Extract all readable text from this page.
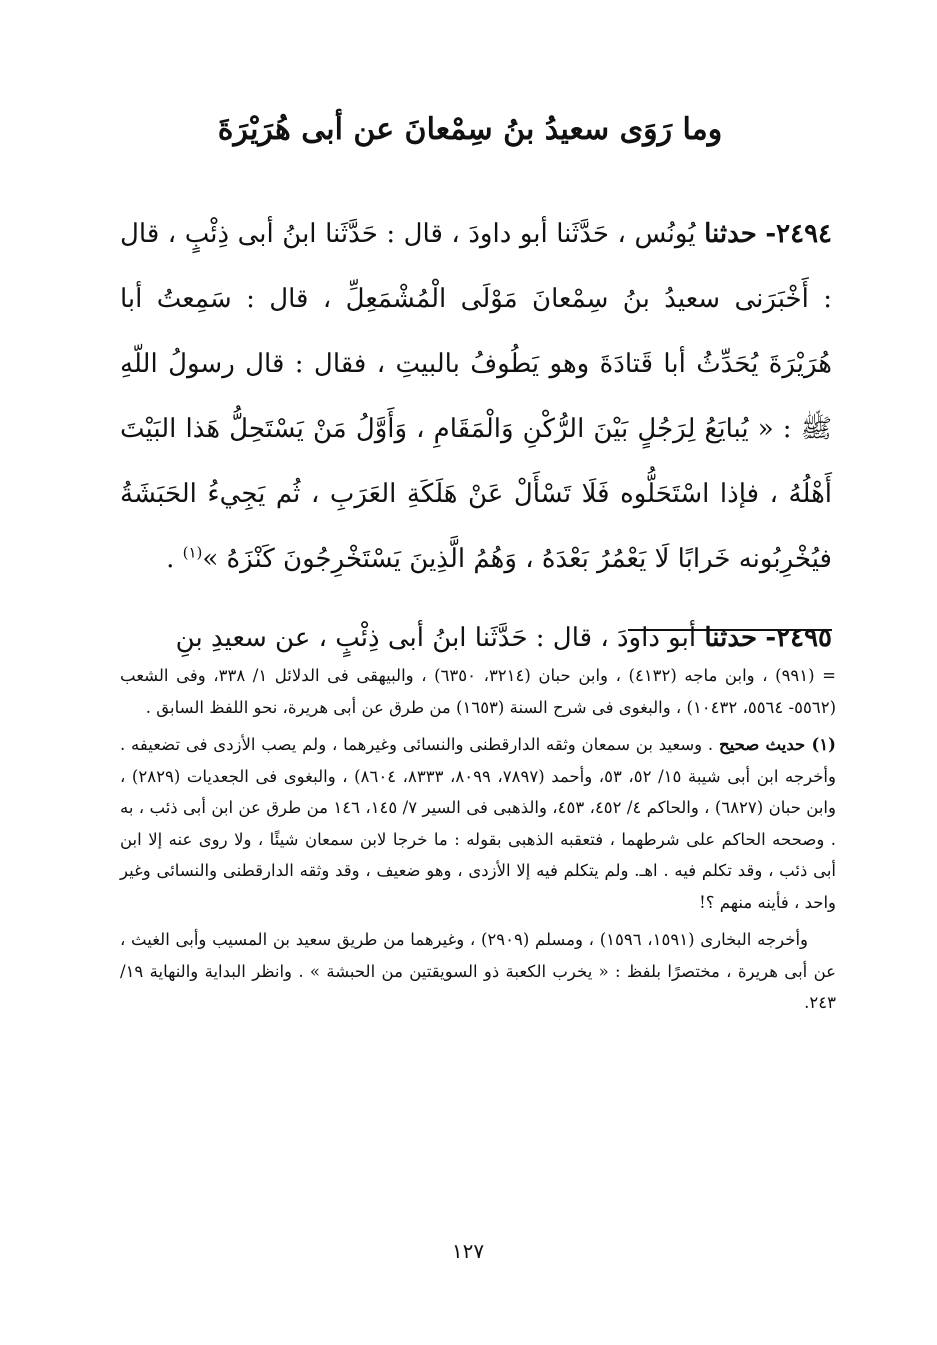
وما رَوَى سعيدُ بنُ سِمْعانَ عن أبى هُرَيْرَةَ

٢٤٩٤- حدثنا يُونُس ، حَدَّثَنا أبو داودَ ، قال : حَدَّثَنا ابنُ أبى ذِئْبٍ ، قال : أَخْبَرَنى سعيدُ بنُ سِمْعانَ مَوْلَى الْمُشْمَعِلِّ ، قال : سَمِعتُ أبا هُرَيْرَةَ يُحَدِّثُ أبا قَتادَةَ وهو يَطُوفُ بالبيتِ ، فقال : قال رسولُ اللّهِ ﷺ : « يُبايَعُ لِرَجُلٍ بَيْنَ الرُّكْنِ وَالْمَقَامِ ، وَأَوَّلُ مَنْ يَسْتَحِلُّ هَذا البَيْتَ أَهْلُهُ ، فإذا اسْتَحَلُّوه فَلَا تَسْأَلْ عَنْ هَلَكَةِ العَرَبِ ، ثُم يَجِيءُ الحَبَشَةُ فيُخْرِبُونه خَرابًا لَا يَعْمُرُ بَعْدَهُ ، وَهُمُ الَّذِينَ يَسْتَخْرِجُونَ كَنْزَهُ »$^{(١)}$ .

٢٤٩٥- حدثنا أبو داودَ ، قال : حَدَّثَنا ابنُ أبى ذِئْبٍ ، عن سعيدِ بنِ

= (٩٩١) ، وابن ماجه (٤١٣٢) ، وابن حبان (٣٢١٤، ٦٣٥٠) ، والبيهقى فى الدلائل ١/ ٣٣٨، وفى الشعب (٥٥٦٢- ٥٥٦٤، ١٠٤٣٢) ، والبغوى فى شرح السنة (١٦٥٣) من طرق عن أبى هريرة، نحو اللفظ السابق .

(١) حديث صحيح . وسعيد بن سمعان وثقه الدارقطنى والنسائى وغيرهما ، ولم يصب الأزدى فى تضعيفه . وأخرجه ابن أبى شيبة ١٥/ ٥٢، ٥٣، وأحمد (٧٨٩٧، ٨٠٩٩، ٨٣٣٣، ٨٦٠٤) ، والبغوى فى الجعديات (٢٨٢٩) ، وابن حبان (٦٨٢٧) ، والحاكم ٤/ ٤٥٢، ٤٥٣، والذهبى فى السير ٧/ ١٤٥، ١٤٦ من طرق عن ابن أبى ذئب ، به . وصححه الحاكم على شرطهما ، فتعقبه الذهبى بقوله : ما خرجا لابن سمعان شيئًا ، ولا روى عنه إلا ابن أبى ذئب ، وقد تكلم فيه . اهـ. ولم يتكلم فيه إلا الأزدى ، وهو ضعيف ، وقد وثقه الدارقطنى والنسائى وغير واحد ، فأينه منهم ؟!

وأخرجه البخارى (١٥٩١، ١٥٩٦) ، ومسلم (٢٩٠٩) ، وغيرهما من طريق سعيد بن المسيب وأبى الغيث ، عن أبى هريرة ، مختصرًا بلفظ : « يخرب الكعبة ذو السويقتين من الحبشة » . وانظر البداية والنهاية ١٩/ ٢٤٣.

١٢٧
